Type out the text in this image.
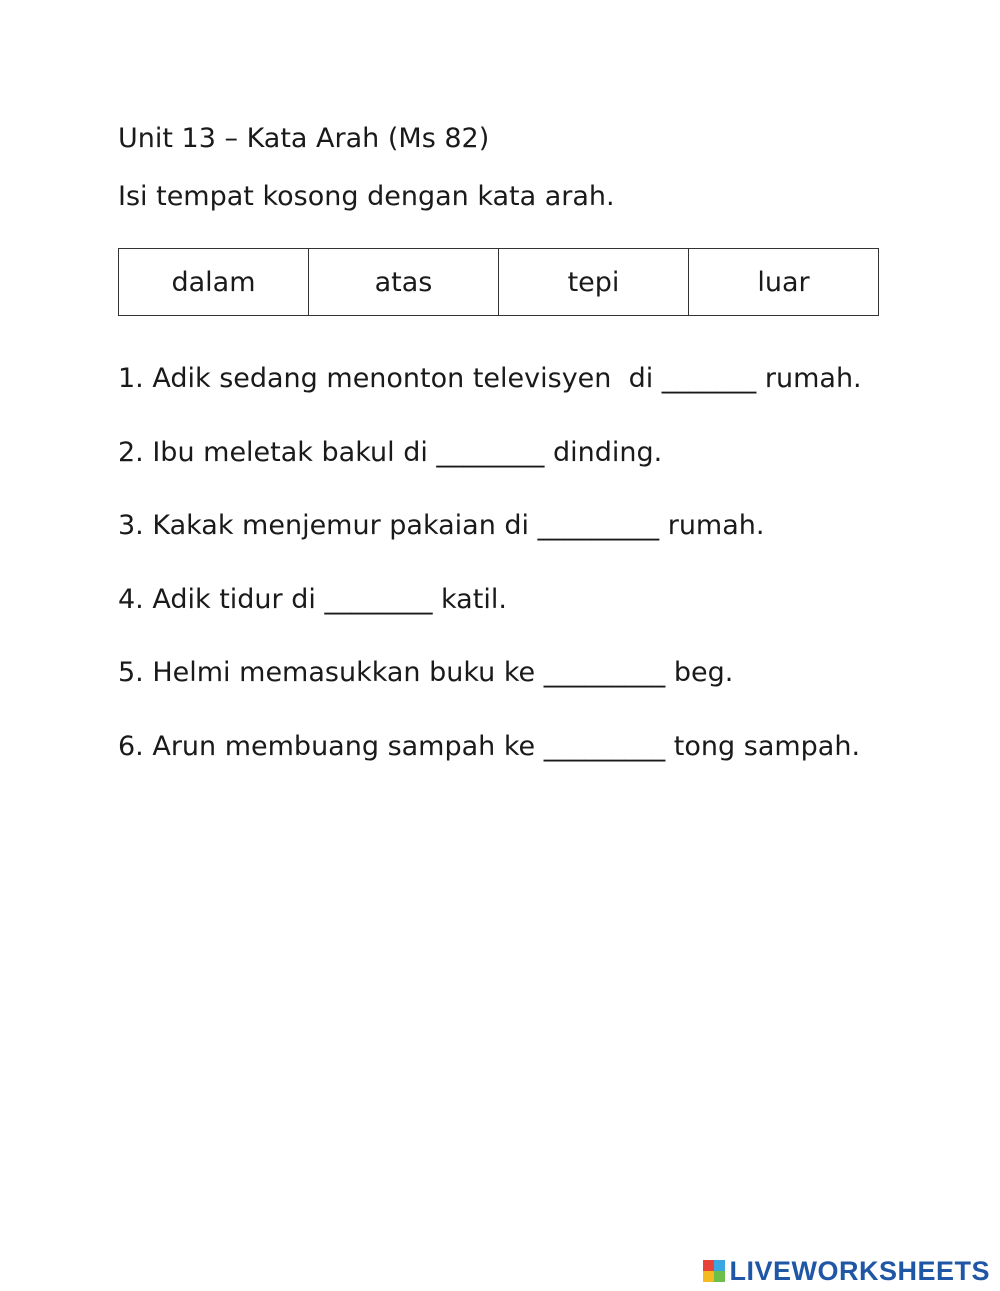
Unit 13 – Kata Arah (Ms 82)
Isi tempat kosong dengan kata arah.
dalam	atas	tepi	luar
1. Adik sedang menonton televisyen  di _______ rumah.
2. Ibu meletak bakul di ________ dinding.
3. Kakak menjemur pakaian di _________ rumah.
4. Adik tidur di ________ katil.
5. Helmi memasukkan buku ke _________ beg.
6. Arun membuang sampah ke _________ tong sampah.
LIVEWORKSHEETS
